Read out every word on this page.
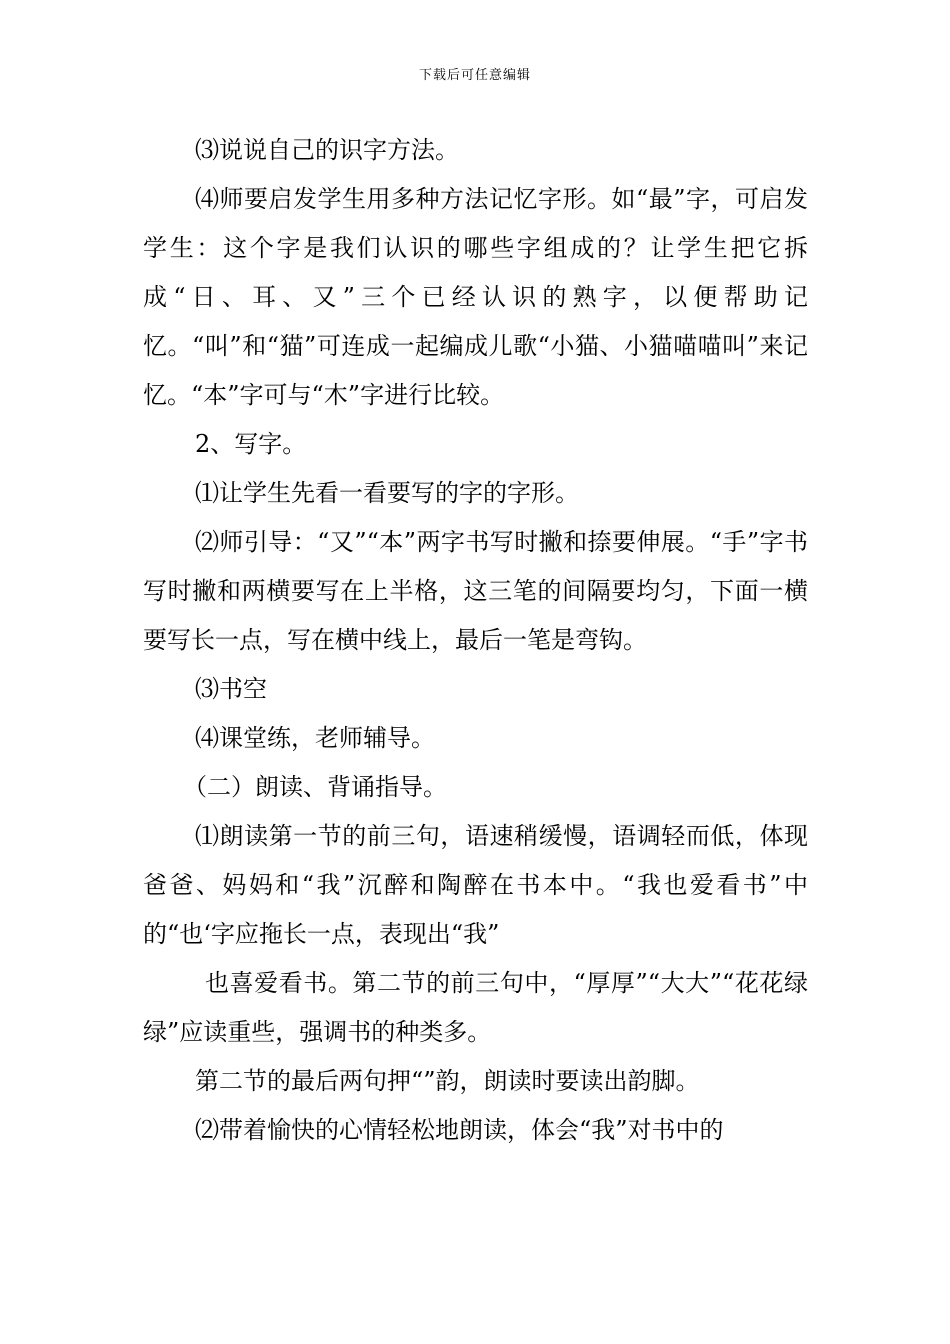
下载后可任意编辑

⑶说说自己的识字方法。

⑷师要启发学生用多种方法记忆字形。如“最”字，可启发学生：这个字是我们认识的哪些字组成的？让学生把它拆成“日、耳、又”三个已经认识的熟字，以便帮助记忆。“叫”和“猫”可连成一起编成儿歌“小猫、小猫喵喵叫”来记忆。“本”字可与“木”字进行比较。

2、写字。

⑴让学生先看一看要写的字的字形。

⑵师引导：“又”“本”两字书写时撇和捺要伸展。“手”字书写时撇和两横要写在上半格，这三笔的间隔要均匀，下面一横要写长一点，写在横中线上，最后一笔是弯钩。

⑶书空

⑷课堂练，老师辅导。

（二）朗读、背诵指导。

⑴朗读第一节的前三句，语速稍缓慢，语调轻而低，体现爸爸、妈妈和“我”沉醉和陶醉在书本中。“我也爱看书”中的“也‘字应拖长一点，表现出“我”

也喜爱看书。第二节的前三句中，“厚厚”“大大”“花花绿绿”应读重些，强调书的种类多。

第二节的最后两句押“”韵，朗读时要读出韵脚。

⑵带着愉快的心情轻松地朗读，体会“我”对书中的
